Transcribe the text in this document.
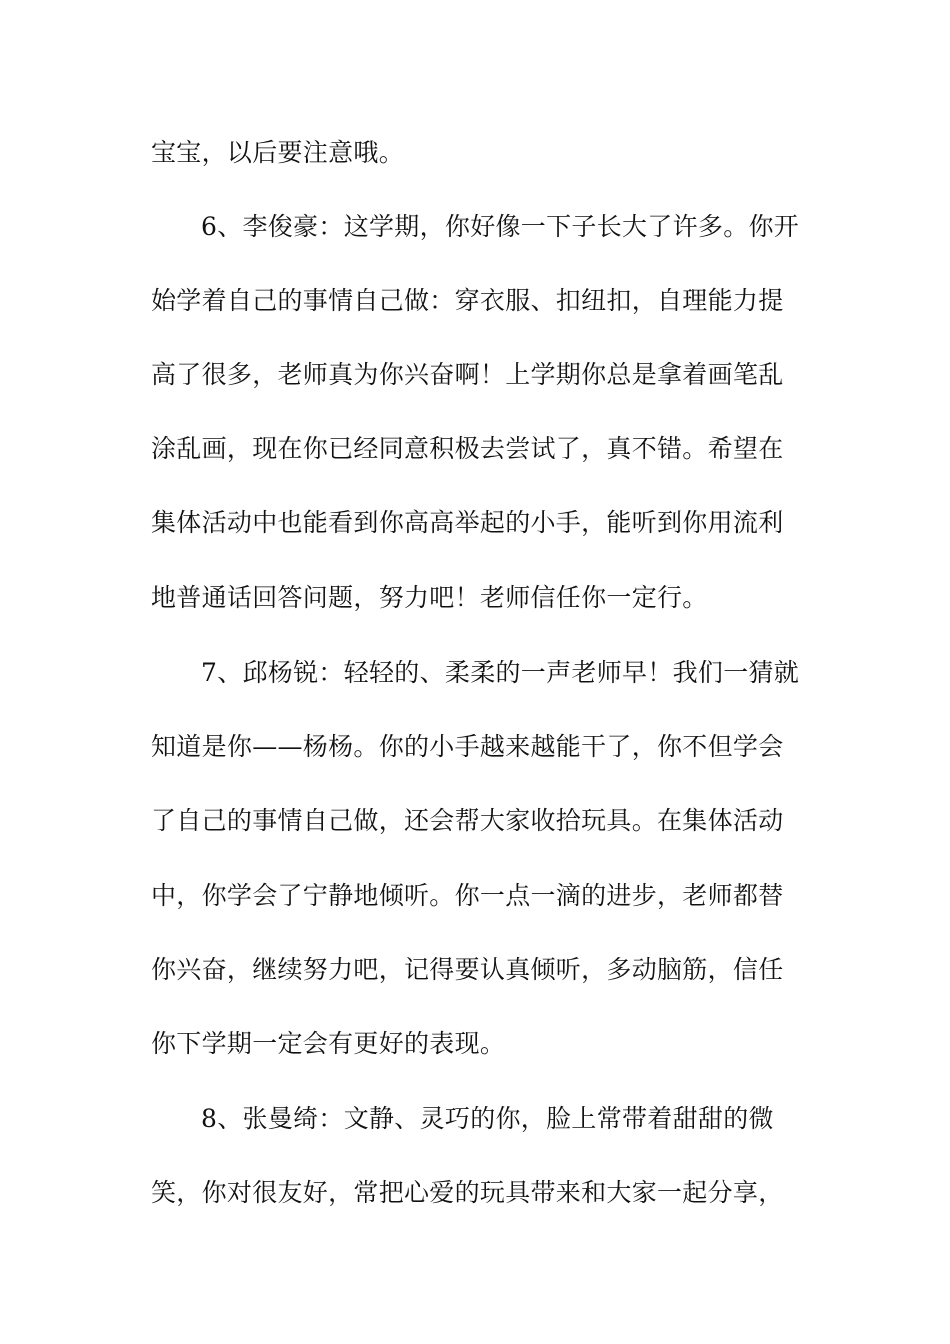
宝宝，以后要注意哦。
6、李俊豪：这学期，你好像一下子长大了许多。你开
始学着自己的事情自己做：穿衣服、扣纽扣，自理能力提
高了很多，老师真为你兴奋啊！上学期你总是拿着画笔乱
涂乱画，现在你已经同意积极去尝试了，真不错。希望在
集体活动中也能看到你高高举起的小手，能听到你用流利
地普通话回答问题，努力吧！老师信任你一定行。
7、邱杨锐：轻轻的、柔柔的一声老师早！我们一猜就
知道是你——杨杨。你的小手越来越能干了，你不但学会
了自己的事情自己做，还会帮大家收拾玩具。在集体活动
中，你学会了宁静地倾听。你一点一滴的进步，老师都替
你兴奋，继续努力吧，记得要认真倾听，多动脑筋，信任
你下学期一定会有更好的表现。
8、张曼绮：文静、灵巧的你，脸上常带着甜甜的微
笑，你对很友好，常把心爱的玩具带来和大家一起分享，
